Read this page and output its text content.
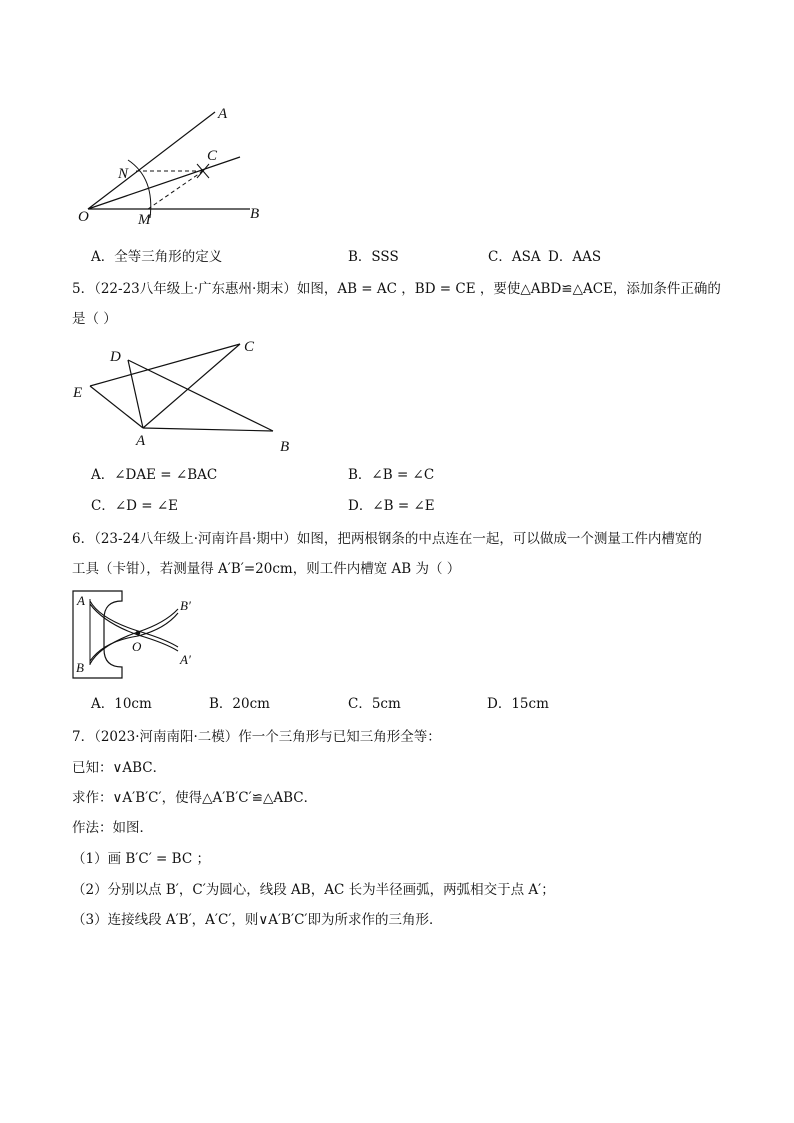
A
C
N
O	M	B
A．全等三角形的定义	B．SSS	C．ASA D．AAS
5．（22-23八年级上·广东惠州·期末）如图，AB = AC ，BD = CE ，要使△ABD≌△ACE，添加条件正确的
是（ ）
D
C
E
A	B
A．∠DAE = ∠BAC	B．∠B = ∠C
C．∠D = ∠E	D．∠B = ∠E
6．（23-24八年级上·河南许昌·期中）如图，把两根钢条的中点连在一起，可以做成一个测量工件内槽宽的
工具（卡钳），若测量得 A′B′=20cm，则工件内槽宽 AB 为（ ）
A	B′
O
B
A′
A．10cm	B．20cm	C．5cm	D．15cm
7．（2023·河南南阳·二模）作一个三角形与已知三角形全等：
已知：∨ABC．
求作：∨A′B′C′，使得△A′B′C′≌△ABC．
作法：如图．
（1）画 B′C′ = BC ；
（2）分别以点 B′，C′为圆心，线段 AB，AC 长为半径画弧，两弧相交于点 A′；
（3）连接线段 A′B′，A′C′，则∨A′B′C′即为所求作的三角形．
